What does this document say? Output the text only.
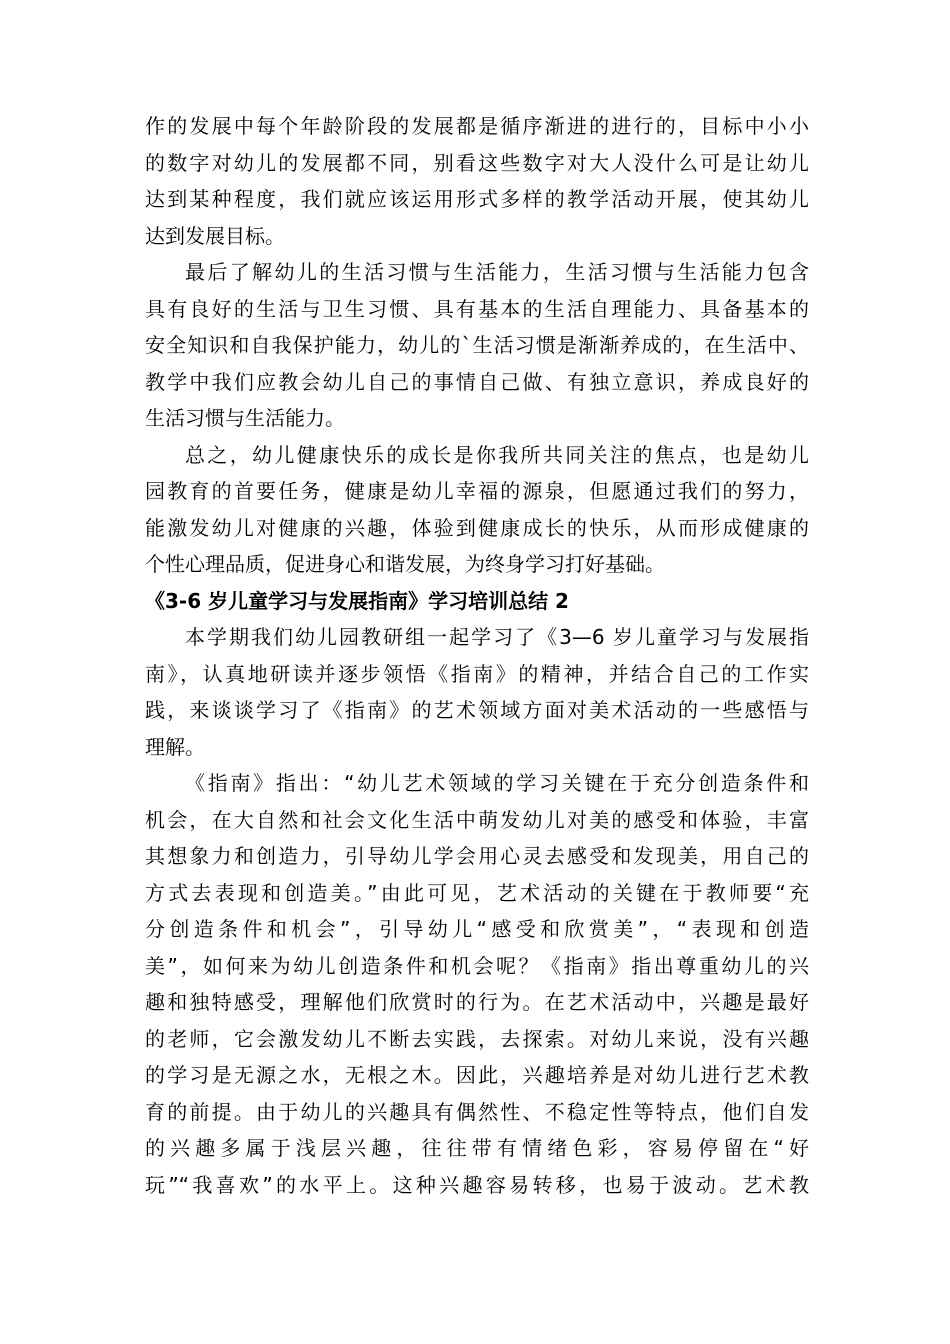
作的发展中每个年龄阶段的发展都是循序渐进的进行的，目标中小小
的数字对幼儿的发展都不同，别看这些数字对大人没什么可是让幼儿
达到某种程度，我们就应该运用形式多样的教学活动开展，使其幼儿
达到发展目标。
最后了解幼儿的生活习惯与生活能力，生活习惯与生活能力包含
具有良好的生活与卫生习惯、具有基本的生活自理能力、具备基本的
安全知识和自我保护能力，幼儿的`生活习惯是渐渐养成的，在生活中、
教学中我们应教会幼儿自己的事情自己做、有独立意识，养成良好的
生活习惯与生活能力。
总之，幼儿健康快乐的成长是你我所共同关注的焦点，也是幼儿
园教育的首要任务，健康是幼儿幸福的源泉，但愿通过我们的努力，
能激发幼儿对健康的兴趣，体验到健康成长的快乐，从而形成健康的
个性心理品质，促进身心和谐发展，为终身学习打好基础。
《3-6 岁儿童学习与发展指南》学习培训总结 2
本学期我们幼儿园教研组一起学习了《3—6 岁儿童学习与发展指
南》，认真地研读并逐步领悟《指南》的精神，并结合自己的工作实
践，来谈谈学习了《指南》的艺术领域方面对美术活动的一些感悟与
理解。
《指南》指出：“幼儿艺术领域的学习关键在于充分创造条件和
机会，在大自然和社会文化生活中萌发幼儿对美的感受和体验，丰富
其想象力和创造力，引导幼儿学会用心灵去感受和发现美，用自己的
方式去表现和创造美。”由此可见，艺术活动的关键在于教师要“充
分创造条件和机会”，引导幼儿“感受和欣赏美”，“表现和创造
美”，如何来为幼儿创造条件和机会呢？《指南》指出尊重幼儿的兴
趣和独特感受，理解他们欣赏时的行为。在艺术活动中，兴趣是最好
的老师，它会激发幼儿不断去实践，去探索。对幼儿来说，没有兴趣
的学习是无源之水，无根之木。因此，兴趣培养是对幼儿进行艺术教
育的前提。由于幼儿的兴趣具有偶然性、不稳定性等特点，他们自发
的兴趣多属于浅层兴趣，往往带有情绪色彩，容易停留在“好
玩”“我喜欢”的水平上。这种兴趣容易转移，也易于波动。艺术教
